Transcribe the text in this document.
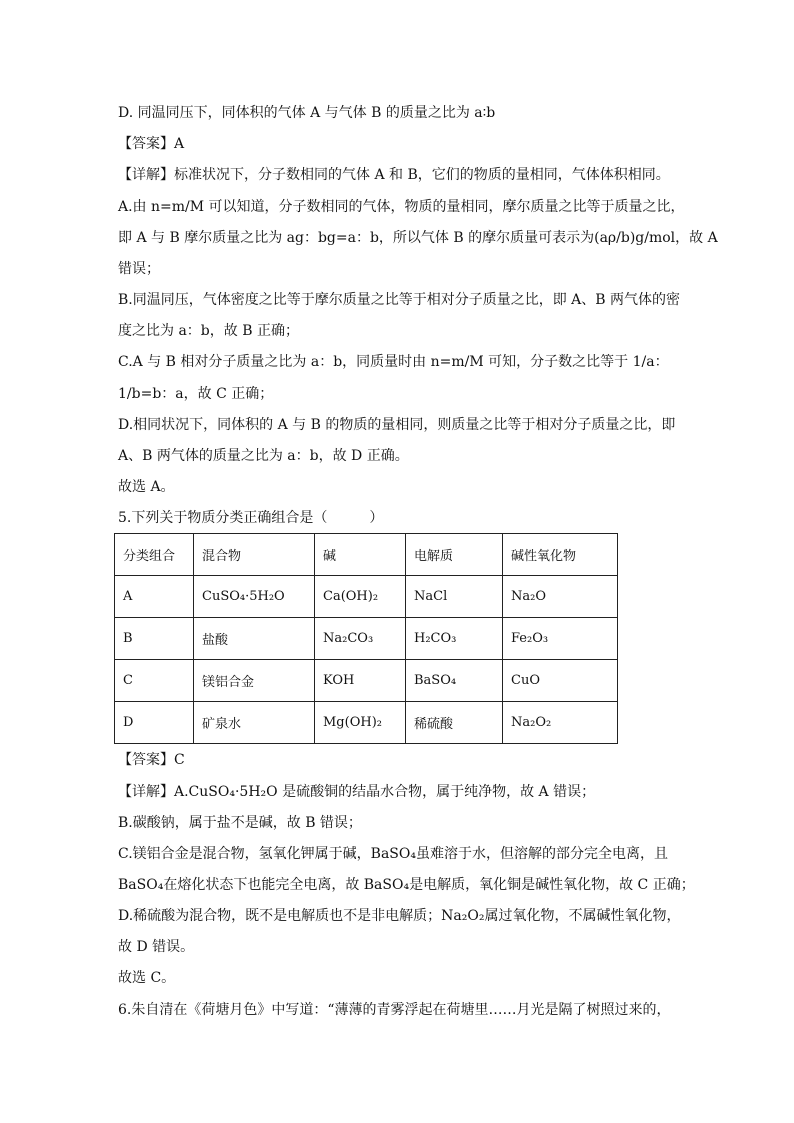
D. 同温同压下，同体积的气体 A 与气体 B 的质量之比为 a∶b
【答案】A
【详解】标准状况下，分子数相同的气体 A 和 B，它们的物质的量相同，气体体积相同。
A.由 n=m/M 可以知道，分子数相同的气体，物质的量相同，摩尔质量之比等于质量之比，
即 A 与 B 摩尔质量之比为 ag：bg=a：b，所以气体 B 的摩尔质量可表示为(aρ/b)g/mol，故 A
错误；
B.同温同压，气体密度之比等于摩尔质量之比等于相对分子质量之比，即 A、B 两气体的密
度之比为 a：b，故 B 正确；
C.A 与 B 相对分子质量之比为 a：b，同质量时由 n=m/M 可知，分子数之比等于 1/a：
1/b=b：a，故 C 正确；
D.相同状况下，同体积的 A 与 B 的物质的量相同，则质量之比等于相对分子质量之比，即
A、B 两气体的质量之比为 a：b，故 D 正确。
故选 A。
5.下列关于物质分类正确组合是（　　　）
分类组合	混合物	碱	电解质	碱性氧化物
A	CuSO₄·5H₂O	Ca(OH)₂	NaCl	Na₂O
B	盐酸	Na₂CO₃	H₂CO₃	Fe₂O₃
C	镁铝合金	KOH	BaSO₄	CuO
D	矿泉水	Mg(OH)₂	稀硫酸	Na₂O₂
【答案】C
【详解】A.CuSO₄·5H₂O 是硫酸铜的结晶水合物，属于纯净物，故 A 错误；
B.碳酸钠，属于盐不是碱，故 B 错误；
C.镁铝合金是混合物，氢氧化钾属于碱，BaSO₄虽难溶于水，但溶解的部分完全电离，且
BaSO₄在熔化状态下也能完全电离，故 BaSO₄是电解质，氧化铜是碱性氧化物，故 C 正确；
D.稀硫酸为混合物，既不是电解质也不是非电解质；Na₂O₂属过氧化物，不属碱性氧化物，
故 D 错误。
故选 C。
6.朱自清在《荷塘月色》中写道：“薄薄的青雾浮起在荷塘里……月光是隔了树照过来的，
